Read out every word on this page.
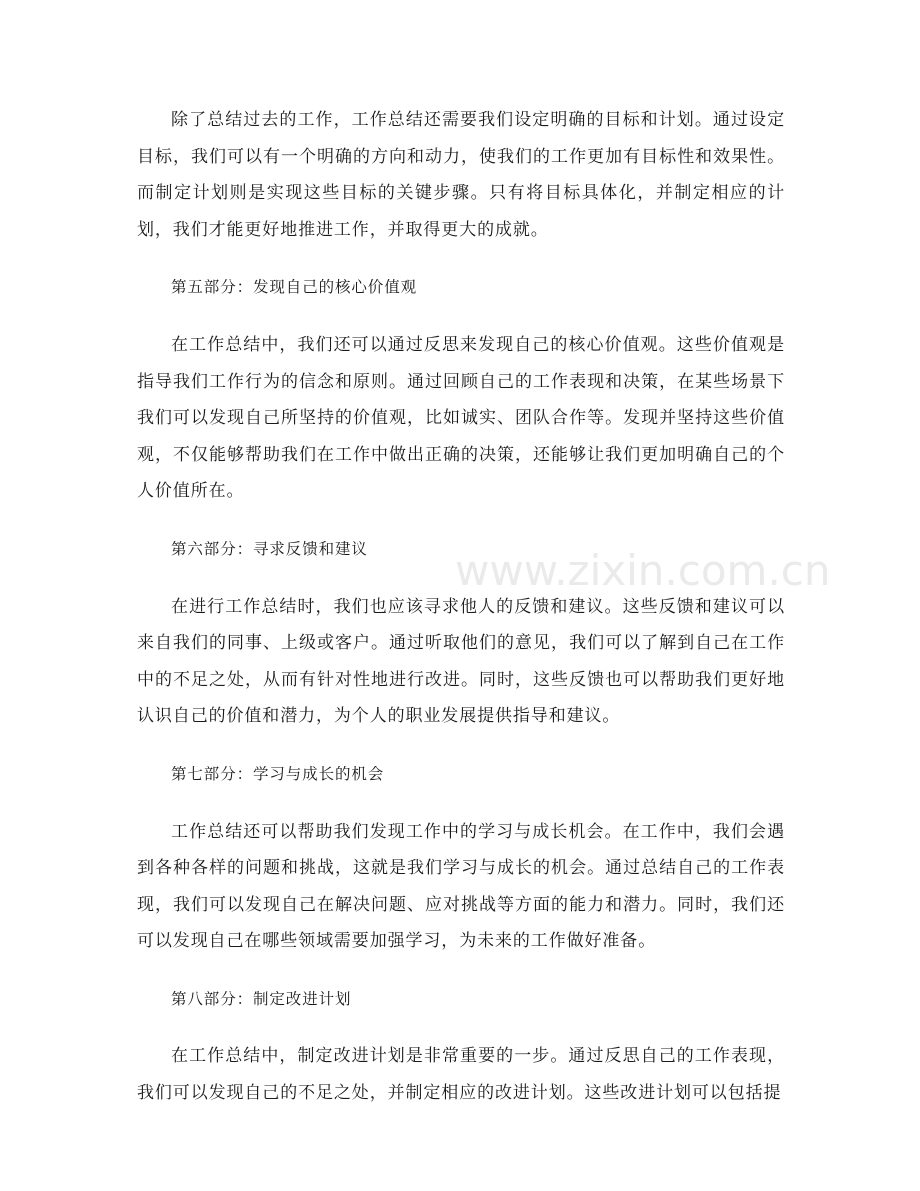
除了总结过去的工作，工作总结还需要我们设定明确的目标和计划。通过设定目标，我们可以有一个明确的方向和动力，使我们的工作更加有目标性和效果性。而制定计划则是实现这些目标的关键步骤。只有将目标具体化，并制定相应的计划，我们才能更好地推进工作，并取得更大的成就。

第五部分：发现自己的核心价值观

在工作总结中，我们还可以通过反思来发现自己的核心价值观。这些价值观是指导我们工作行为的信念和原则。通过回顾自己的工作表现和决策，在某些场景下我们可以发现自己所坚持的价值观，比如诚实、团队合作等。发现并坚持这些价值观，不仅能够帮助我们在工作中做出正确的决策，还能够让我们更加明确自己的个人价值所在。

第六部分：寻求反馈和建议

在进行工作总结时，我们也应该寻求他人的反馈和建议。这些反馈和建议可以来自我们的同事、上级或客户。通过听取他们的意见，我们可以了解到自己在工作中的不足之处，从而有针对性地进行改进。同时，这些反馈也可以帮助我们更好地认识自己的价值和潜力，为个人的职业发展提供指导和建议。

第七部分：学习与成长的机会

工作总结还可以帮助我们发现工作中的学习与成长机会。在工作中，我们会遇到各种各样的问题和挑战，这就是我们学习与成长的机会。通过总结自己的工作表现，我们可以发现自己在解决问题、应对挑战等方面的能力和潜力。同时，我们还可以发现自己在哪些领域需要加强学习，为未来的工作做好准备。

第八部分：制定改进计划

在工作总结中，制定改进计划是非常重要的一步。通过反思自己的工作表现，我们可以发现自己的不足之处，并制定相应的改进计划。这些改进计划可以包括提

www.zixin.com.cn
